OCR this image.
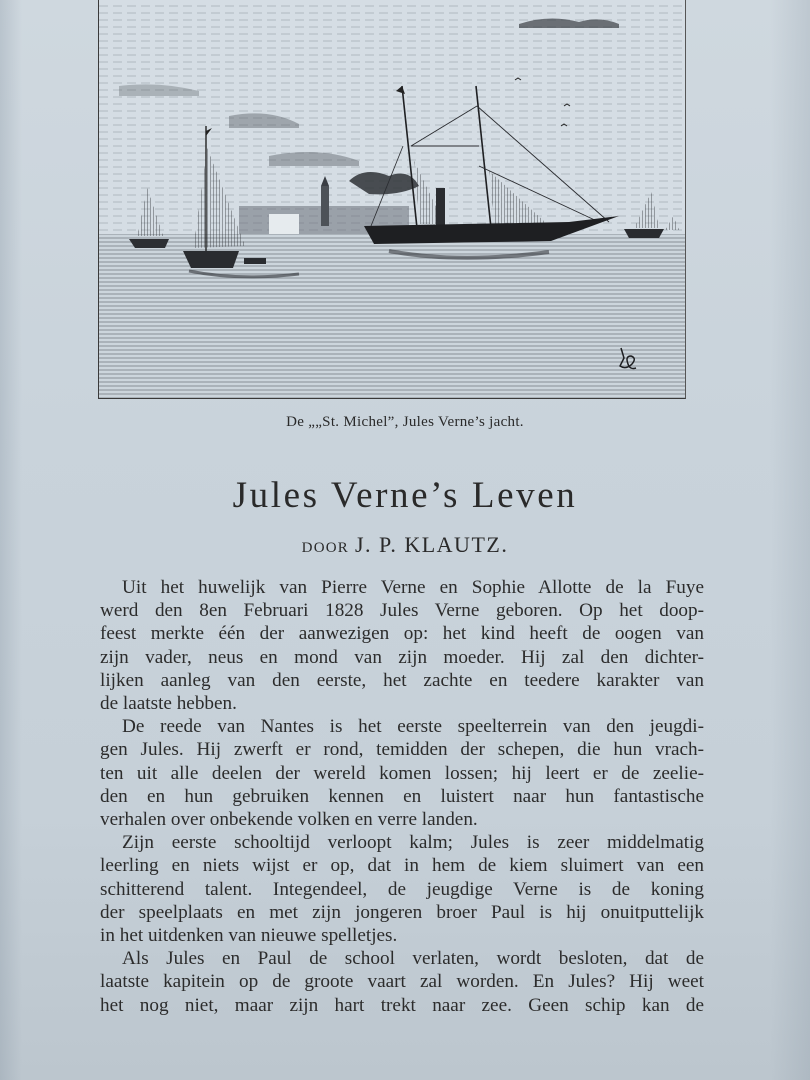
De „„St. Michel”, Jules Verne’s jacht.
Jules Verne’s Leven
DOOR J. P. KLAUTZ.
Uit het huwelijk van Pierre Verne en Sophie Allotte de la Fuye
werd den 8en Februari 1828 Jules Verne geboren. Op het doop-
feest merkte één der aanwezigen op: het kind heeft de oogen van
zijn vader, neus en mond van zijn moeder. Hij zal den dichter-
lijken aanleg van den eerste, het zachte en teedere karakter van
de laatste hebben.
De reede van Nantes is het eerste speelterrein van den jeugdi-
gen Jules. Hij zwerft er rond, temidden der schepen, die hun vrach-
ten uit alle deelen der wereld komen lossen; hij leert er de zeelie-
den en hun gebruiken kennen en luistert naar hun fantastische
verhalen over onbekende volken en verre landen.
Zijn eerste schooltijd verloopt kalm; Jules is zeer middelmatig
leerling en niets wijst er op, dat in hem de kiem sluimert van een
schitterend talent. Integendeel, de jeugdige Verne is de koning
der speelplaats en met zijn jongeren broer Paul is hij onuitputtelijk
in het uitdenken van nieuwe spelletjes.
Als Jules en Paul de school verlaten, wordt besloten, dat de
laatste kapitein op de groote vaart zal worden. En Jules? Hij weet
het nog niet, maar zijn hart trekt naar zee. Geen schip kan de
